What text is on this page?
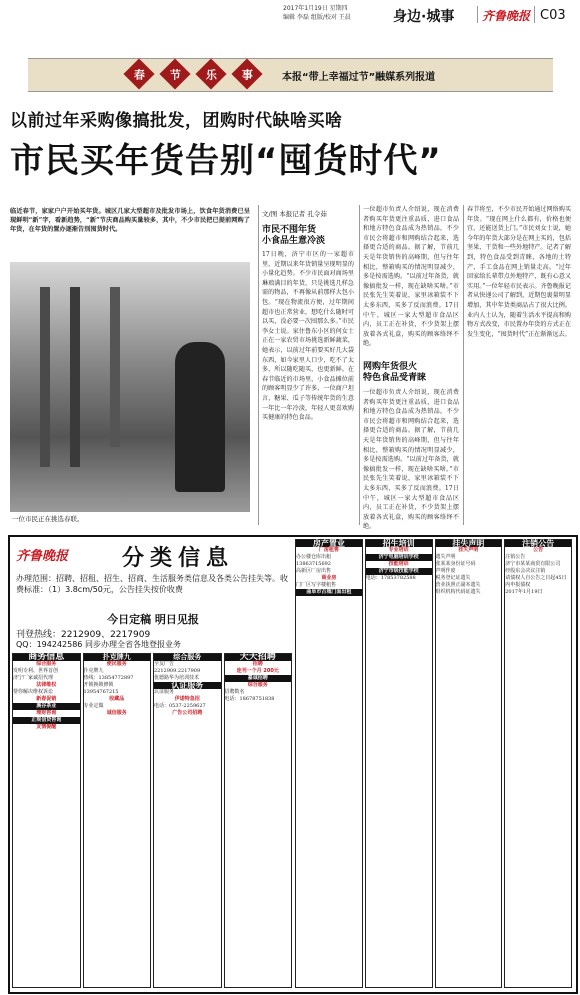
2017年1月19日 星期四
编辑 李磊 组版/校对 王晨	身边·城事 齐鲁晚报 C03
春 节 乐 事	本报“带上幸福过节”融媒系列报道
以前过年采购像搞批发，团购时代缺啥买啥
市民买年货告别“囤货时代”
临近春节，家家户户开始买年货。城区几家大型超市及批发市场上，饮食年货消费已呈现鲜明“新”字，看新趋势，“新”节庆商品购买量较多，其中，不少市民把已提前网购了年货，在年货的置办逐渐告别囤货时代。
一位市民正在挑选春联。
文/图 本报记者 孔令茹
市民不囤年货
小食品生意冷淡
17日晚，济宁市区的一家超市里，近期以来年货销量呈现明显的小量化趋势。不少市民面对商场里琳琅满目的年货，只是挑选几样急需的物品，不再像从前那样大包小包。“现在物流很方便，过年期间超市也正常营业，想吃什么随时可以买，没必要一次囤那么多。”市民李女士说。家住鲁东小区的何女士正在一家农贸市场挑选新鲜蔬菜，她表示，以前过年前要买好几大袋东西，如今家里人口少，吃不了太多，所以随吃随买，也更新鲜。在春节临近的市场里，小食品摊位前的顾客明显少了许多，一位商户坦言，糖果、瓜子等传统年货的生意一年比一年冷淡，年轻人更喜欢购买健康的特色食品。
一位超市负责人介绍说，现在消费者购买年货更注重品质，进口食品和地方特色食品成为热销品，不少市民会将超市和网购结合起来，选择更合适的商品。据了解，节前几天是年货销售的高峰期，但与往年相比，整箱购买的情况明显减少，多是按需选购。“以前过年备货，就像搞批发一样，现在缺啥买啥。”市民张先生笑着说，家里冰箱装不下太多东西，买多了反而浪费。17日中午，城区一家大型超市食品区内，员工正在补货，不少货架上摆放着各式礼盒，购买的顾客络绎不绝。
网购年货很火
特色食品受青睐
一位超市负责人介绍说，现在消费者购买年货更注重品质，进口食品和地方特色食品成为热销品，不少市民会将超市和网购结合起来，选择更合适的商品。据了解，节前几天是年货销售的高峰期，但与往年相比，整箱购买的情况明显减少，多是按需选购。“以前过年备货，就像搞批发一样，现在缺啥买啥。”市民张先生笑着说，家里冰箱装不下太多东西，买多了反而浪费。17日中午，城区一家大型超市食品区内，员工正在补货，不少货架上摆放着各式礼盒，购买的顾客络绎不绝。
春节将至，不少市民开始通过网络购买年货。“现在网上什么都有，价格也便宜，还能送货上门。”市民刘女士说，她今年的年货大部分是在网上买的，包括坚果、干货和一些外地特产。记者了解到，特色食品受到青睐，各地的土特产、手工食品在网上销量走高。“过年回家给长辈带点外地特产，既有心意又实用。”一位年轻市民表示。齐鲁晚报记者从快递公司了解到，近期包裹量明显增加，其中年货类商品占了很大比例。业内人士认为，随着生活水平提高和购物方式改变，市民置办年货的方式正在发生变化，“囤货时代”正在渐渐远去。
齐鲁晚报 分类信息
办理范围：招聘、招租、招生、招商、生活服务类信息及各类公告挂失等。收费标准：（1）3.8cm/50元，公告挂失按价收费
今日定稿 明日见报
刊登热线：2212909、2217909
QQ：194242586 同步办理全省各地登报业务
商务信息
综合服务
发明专利、世界首创
济宁厂家诚招代理
法律维权
帮你解决维权诉讼
新春促销
溪谷茶业
理财咨询
正规信贷咨询
友情提醒
扑克牌九
便民服务
扑克牌九
热线：13854772897
开锁换锁修锁
13954767215
收藏品
专业定做
诚信服务
综合服务
全友广告
2212909.2217909
优德路华为培训技术
认证服务
认证服务
伊诺特急招
电话：0537-2259627
广告公司招聘
天天招聘
招聘
连刊一个月 200元
嘉诚招聘
综合服务
招聘数名
电话：18678751838
房产置业
厂房租售
办公楼仓库出租
13863715692
高新区厂房出售
商业房
门厂区写字楼租售
曲阜市古城门面出租
招生培训
专业培训
济宁电脑培训学校
技能培训
济宁市级技能学校
电话：17853782588
挂失声明
挂失声明
遗失声明
张某某身份证号码
声明作废
税务登记证遗失
营业执照正副本遗失
组织机构代码证遗失
注销公告
公告
注销公告
济宁市某某商贸有限公司
经股东会决议注销
请债权人自公告之日起45日内申报债权
2017年1月19日
